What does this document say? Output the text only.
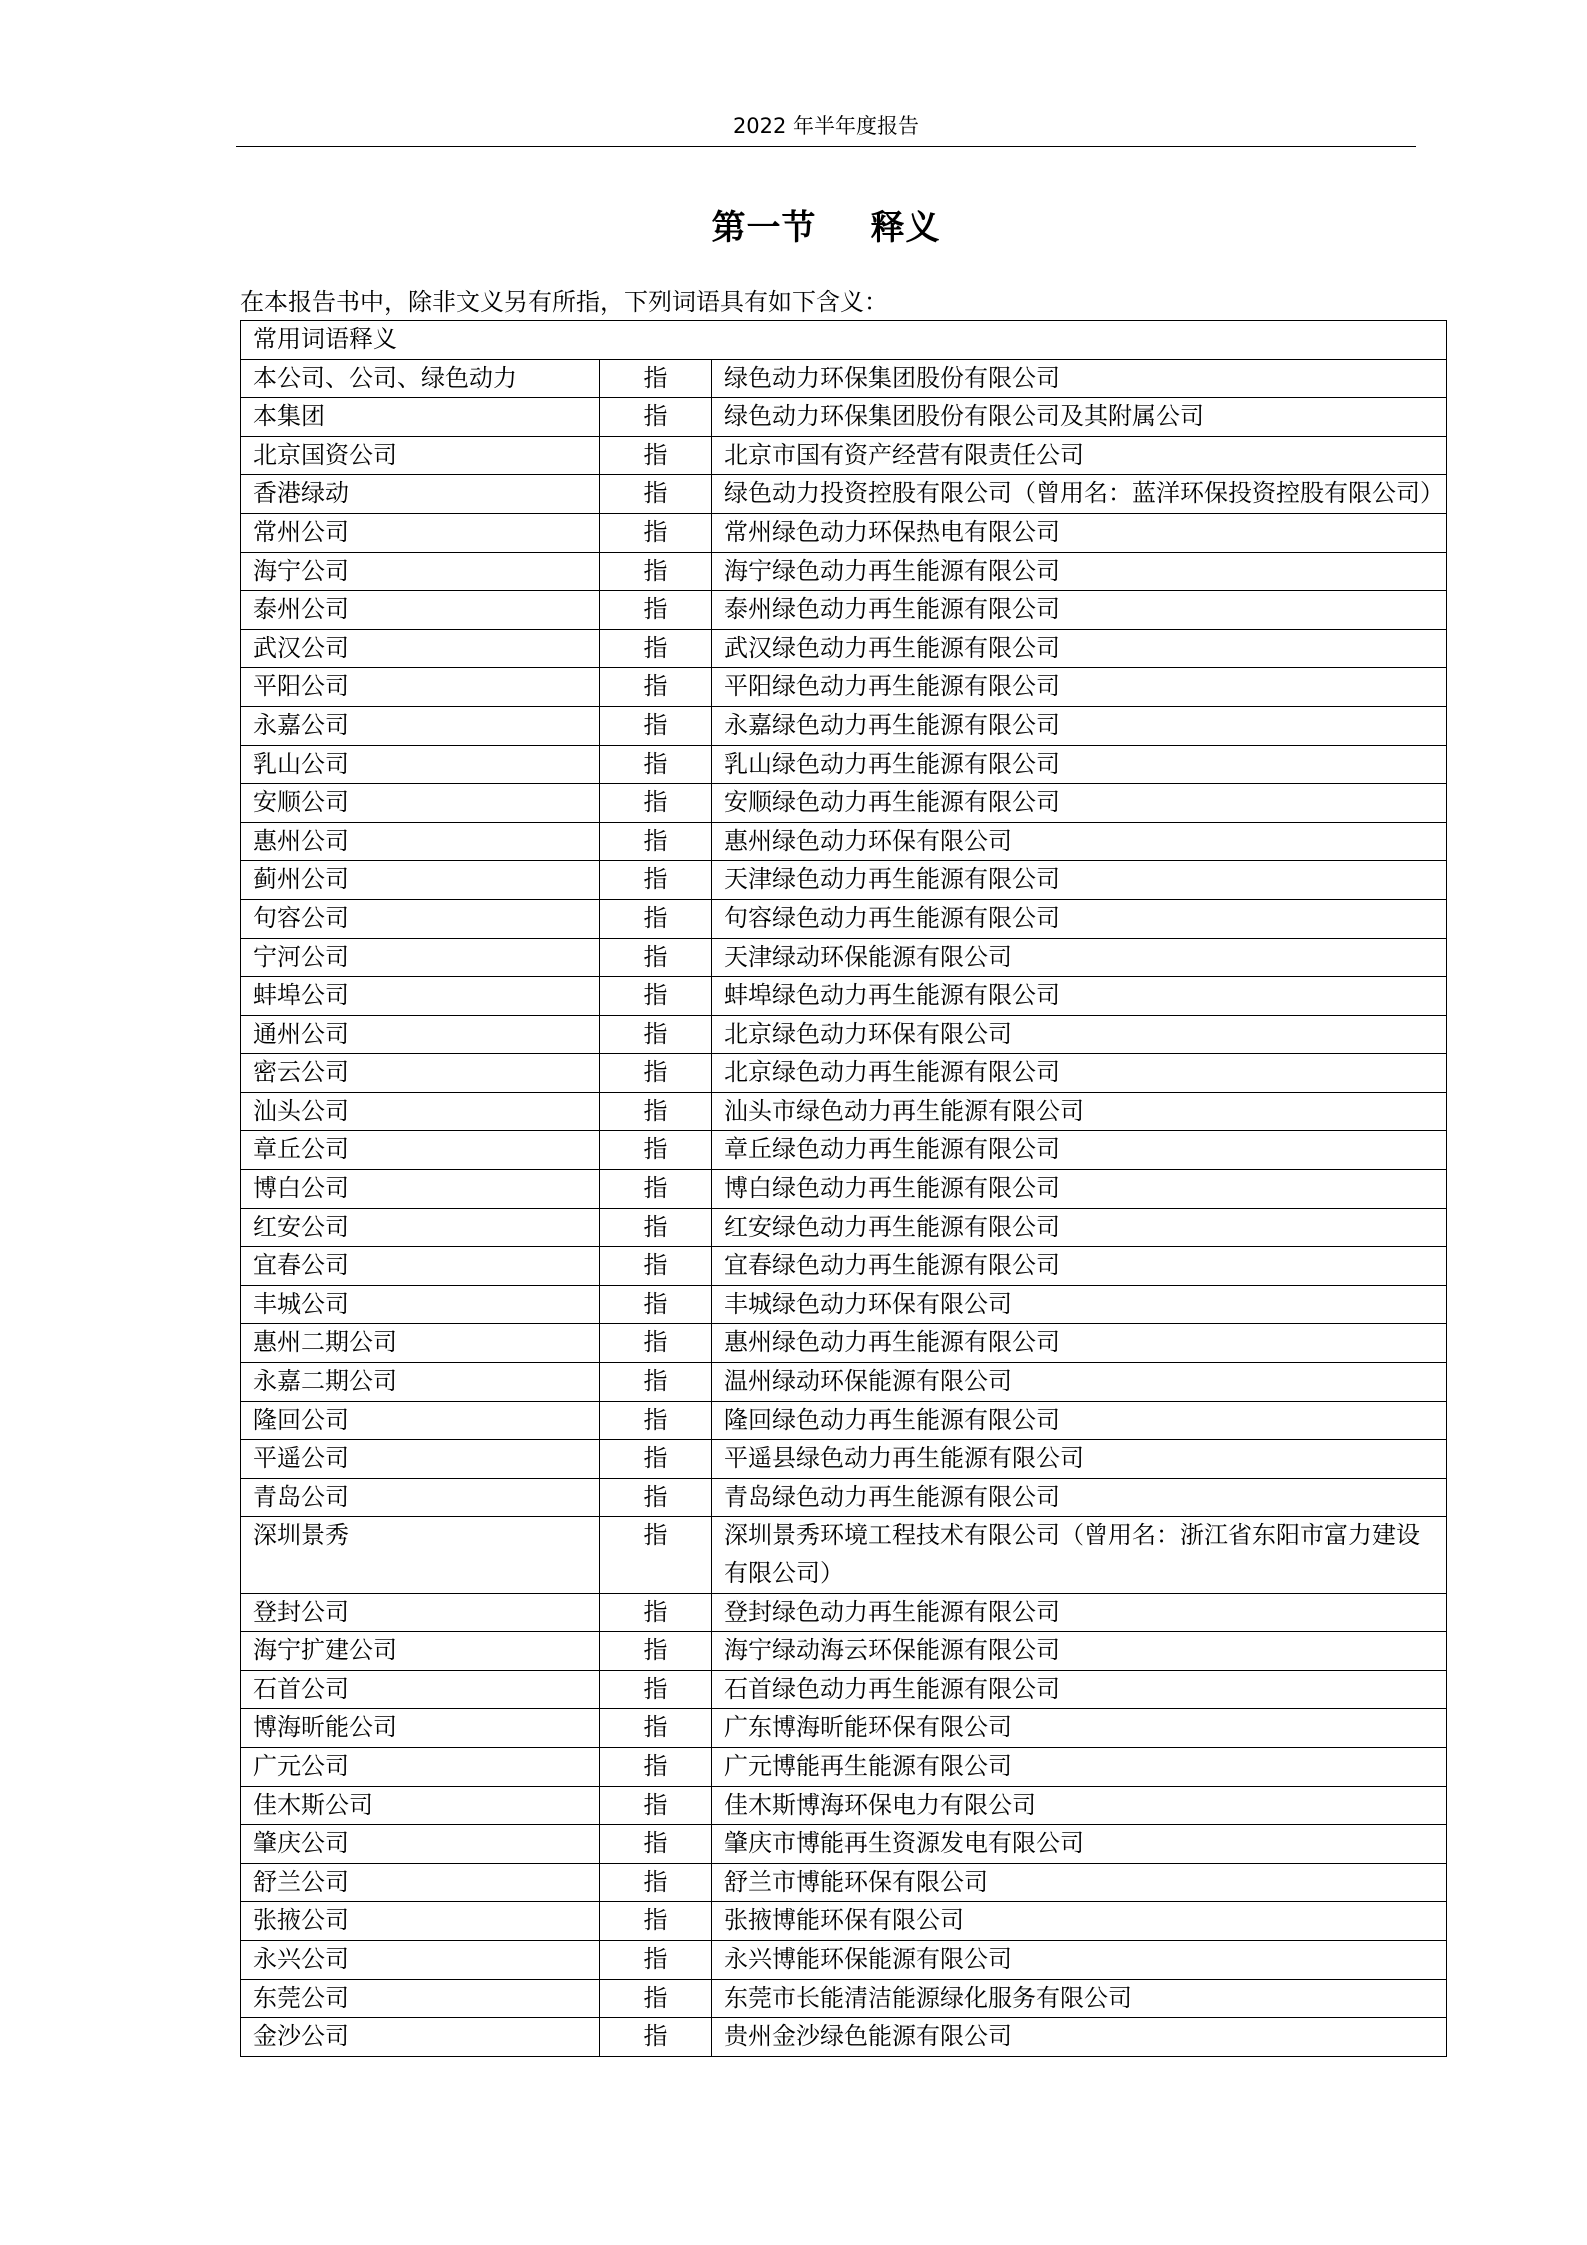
2022 年半年度报告
第一节 释义
在本报告书中，除非文义另有所指，下列词语具有如下含义：
常用词语释义		
本公司、公司、绿色动力	指	绿色动力环保集团股份有限公司
本集团	指	绿色动力环保集团股份有限公司及其附属公司
北京国资公司	指	北京市国有资产经营有限责任公司
香港绿动	指	绿色动力投资控股有限公司（曾用名：蓝洋环保投资控股有限公司）
常州公司	指	常州绿色动力环保热电有限公司
海宁公司	指	海宁绿色动力再生能源有限公司
泰州公司	指	泰州绿色动力再生能源有限公司
武汉公司	指	武汉绿色动力再生能源有限公司
平阳公司	指	平阳绿色动力再生能源有限公司
永嘉公司	指	永嘉绿色动力再生能源有限公司
乳山公司	指	乳山绿色动力再生能源有限公司
安顺公司	指	安顺绿色动力再生能源有限公司
惠州公司	指	惠州绿色动力环保有限公司
蓟州公司	指	天津绿色动力再生能源有限公司
句容公司	指	句容绿色动力再生能源有限公司
宁河公司	指	天津绿动环保能源有限公司
蚌埠公司	指	蚌埠绿色动力再生能源有限公司
通州公司	指	北京绿色动力环保有限公司
密云公司	指	北京绿色动力再生能源有限公司
汕头公司	指	汕头市绿色动力再生能源有限公司
章丘公司	指	章丘绿色动力再生能源有限公司
博白公司	指	博白绿色动力再生能源有限公司
红安公司	指	红安绿色动力再生能源有限公司
宜春公司	指	宜春绿色动力再生能源有限公司
丰城公司	指	丰城绿色动力环保有限公司
惠州二期公司	指	惠州绿色动力再生能源有限公司
永嘉二期公司	指	温州绿动环保能源有限公司
隆回公司	指	隆回绿色动力再生能源有限公司
平遥公司	指	平遥县绿色动力再生能源有限公司
青岛公司	指	青岛绿色动力再生能源有限公司
深圳景秀	指	深圳景秀环境工程技术有限公司（曾用名：浙江省东阳市富力建设有限公司）
登封公司	指	登封绿色动力再生能源有限公司
海宁扩建公司	指	海宁绿动海云环保能源有限公司
石首公司	指	石首绿色动力再生能源有限公司
博海昕能公司	指	广东博海昕能环保有限公司
广元公司	指	广元博能再生能源有限公司
佳木斯公司	指	佳木斯博海环保电力有限公司
肇庆公司	指	肇庆市博能再生资源发电有限公司
舒兰公司	指	舒兰市博能环保有限公司
张掖公司	指	张掖博能环保有限公司
永兴公司	指	永兴博能环保能源有限公司
东莞公司	指	东莞市长能清洁能源绿化服务有限公司
金沙公司	指	贵州金沙绿色能源有限公司
